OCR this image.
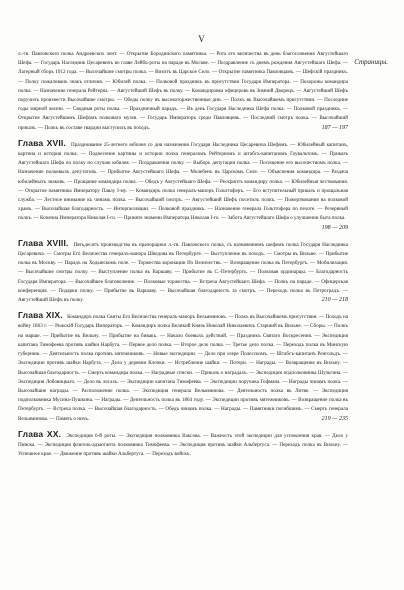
V
Страницы.

л.-гв. Павловского полка Андреевских лент. — Открытие Бородинского памятника. — Рота его величества въ день благословения Августейшаго Шефа. — Государь Наследник Цесаревичъ во главе Лейбъ-роты на параде въ Москве. — Поздравление съ днемъ рождения Августейшаго Шефа. — Лагерный сборъ 1912 года. — Высочайшие смотры полка. — Визитъ въ Царское Село. — Открытие памятника Павловцамъ. — Шефскій праздникъ. — Полку пожалованъ знакъ отличия. — Юбилей полка. — Полковой праздникъ въ присутствии Государя Императора. — Похороны командира полка. — Назначение генерала Рейтерна. — Августейший Шефъ въ полку. — Командировка офицеровъ въ Зимний Дворецъ. — Августейший Шефъ поручилъ произвести Высочайшие смотры. — Обеды полку въ высокоторжественные дни. — Полкъ въ Высочайшемъ присутствии. — Последние годы мирной жизни. — Сводныя роты полка. — Праздничный парадъ. — Въ день Государя Наследника Шефа полка. — Полковой праздникъ. — Открытие Августейшимъ Шефомъ полковаго музея. — Государь Императоръ среди Павловцевъ. — Последний смотръ полка. — Высочайший приказъ. — Полкъ въ составе гвардии выступилъ въ походъ.	187 — 197

Глава XVII. Празднование 25-летнего юбилея со дня назначения Государя Наследника Цесаревича Шефомъ. — Юбилейный капитанъ, картина и история полка. — Поднесение картины и истории полка генераломъ Рейтерномъ и штабсъ-капитаномъ Гоувальтомъ. — Приказъ Августейшаго Шефа по полку по случаю юбилея. — Поздравления полку. — Выборъ депутации полка. — Посещение его высочествомъ полка. — Назначение полковыхъ депутатовъ. — Прибытие Августейшаго Шефа. — Молебенъ въ Царскомъ Селе. — Объяснения командира. — Раздача юбилейныхъ знаковъ. — Прощание командира полка. — Обедъ у Августейшаго Шефа. — Рескриптъ командиру полка. — Юбилейныя чествования. — Открытие памятника Императору Павлу I-му. — Командиръ полка генералъ-маиоръ Гольтгоферъ. — Его вступительный приказъ и прощальная служба. — Лестное внимание къ чинамъ полка. — Высочайший смотръ. — Августейший Шефъ посетилъ полкъ. — Пожертвования на полковой храмъ. — Высочайшая благодарность. — Интерпелляции. — Полковой праздникъ. — Назначение генерала Гольтгофера по пехоте. — Резервный полкъ. — Конечна Императора Николая I-го. — Приняте знамени Императора Николая I-го. — Забота Августейшаго Шефа о улучшении быта полка.
198 — 209

Глава XVIII. Пятьдесятъ производства въ прапорщики л.-гв. Павловского полка, съ назначениемъ шефомъ полка Государя Наследника Цесаревича. — Смотры Его Величества генералъ-маиора Шведова въ Петербурге. — Выступление въ походъ. — Смотры въ Вильне. — Прибытие полка въ Москву. — Парадъ на Ходынскомъ поле. — Торжества коронации Их Величествъ. — Возвращение полка въ Петербургъ. — Мобилизация. — Высочайшие смотры полку. — Выступление полка въ Варшаву. — Прибытие въ С.-Петербургъ. — Полковая ординарцы. — Благодарность Государя Императора. — Высочайшее благоволение. — Полковые торжества. — Встреча Августейшаго Шефа. — Полкъ на параде. — Офицерская конференция. — Подарки полку. — Прибытие въ Варшаву. — Высочайшая благодарность за смотръ. — Переходъ полка въ Петроградъ. — Августейший Шефъ въ полку.	210 — 218

Глава XIX. Командиръ полка Свиты Его Величества генералъ-маиоръ Вельяминовъ. — Полкъ въ Высочайшемъ присутствии. — Походъ на войну 1863 г. — Рижскій Государь Императоръ. — Командиръ полка Великий Князь Николай Николаевичъ Старший въ Вильне. — Сборы. — Полкъ на марше. — Прибытие въ Вильну. — Прибытие на бивакъ. — Начало боевыхъ действий. — Праздникъ Святаго Воскресения. — Экспедиция капитана Тимофеева противъ шайки Нарбута. — Первое дело полка. — Второе дело полка. — Третье дело полка. — Переходъ полка въ Минскую губернию. — Деятельность полка противъ мятежниковъ. — Новые экспедиции. — Дело при озере Полесскомъ. — Штабсъ-капитанъ Ренгольдъ. — Экспедиции противъ шайки Нарбута. — Дело у деревни Клочки. — Истребление шайки. — Потери. — Награды. — Возвращение въ Вильну. — Высочайшая благодарность. — Смерть командира полка. — Наградные списки. — Приказъ о наградахъ. — Экспедиции подполковника Шульгина. — Экспедиция Лобовицкаго. — Дело въ лесахъ. — Экспедиции капитана Тимофеева. — Экспедиции поручика Гофмана. — Награды чинамъ полка. — Высочайшие награды. — Расположение полка. — Экспедиция генерала Вельяминова. — Деятельность полка въ Литве. — Экспедиция подполковника Мусина-Пушкина. — Награды. — Деятельность полка въ 1864 году. — Экспедиции противъ мятежниковъ. — Возвращение полка въ Петербургъ. — Встреча полка. — Высочайшая благодарность. — Обедъ чинамъ полка. — Награды. — Памятники погибшимъ. — Смерть генерала Вельяминова. — Память о нихъ.	219 — 235

Глава XX. Экспедиция 6-й роты. — Экспедиция полковника Ваксова. — Важность этой экспедиции для успокоения края. — Дело у Пинска. — Экспедиция флигель-адъютанта полковника Тимофеева. — Экспедиция противъ шайки Альбертуса. — Переходъ полка въ Вильну. — Успешное крае. — Движение противъ шайки Альбертуса. — Переходъ войскъ.
